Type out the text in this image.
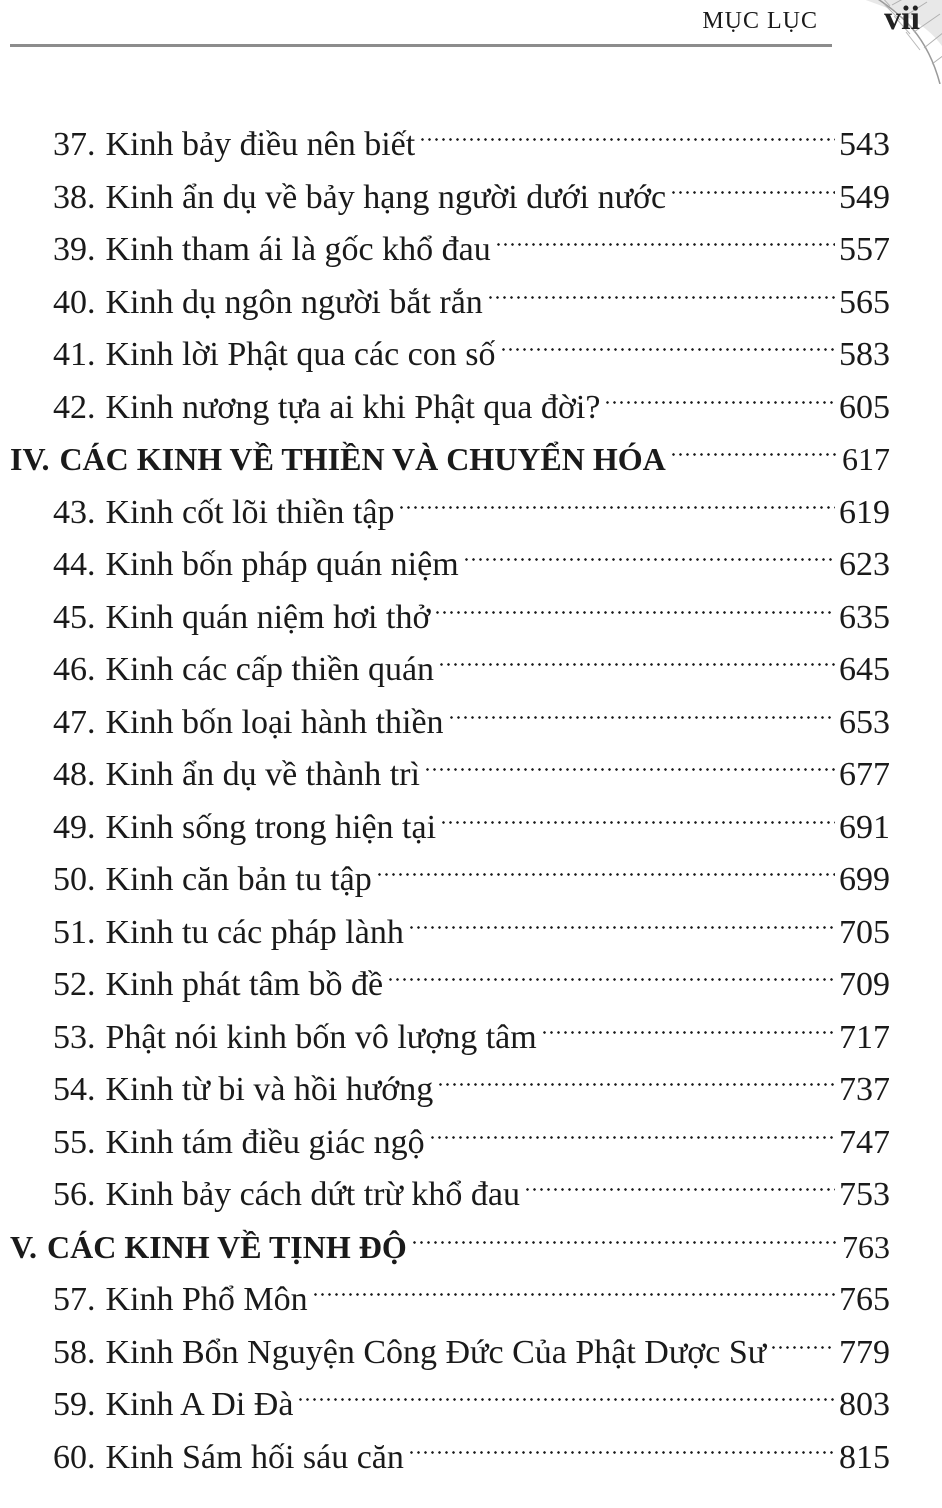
MỤC LỤC vii
37. Kinh bảy điều nên biết	543
38. Kinh ẩn dụ về bảy hạng người dưới nước	549
39. Kinh tham ái là gốc khổ đau	557
40. Kinh dụ ngôn người bắt rắn	565
41. Kinh lời Phật qua các con số	583
42. Kinh nương tựa ai khi Phật qua đời?	605
IV. CÁC KINH VỀ THIỀN VÀ CHUYỂN HÓA	617
43. Kinh cốt lõi thiền tập	619
44. Kinh bốn pháp quán niệm	623
45. Kinh quán niệm hơi thở	635
46. Kinh các cấp thiền quán	645
47. Kinh bốn loại hành thiền	653
48. Kinh ẩn dụ về thành trì	677
49. Kinh sống trong hiện tại	691
50. Kinh căn bản tu tập	699
51. Kinh tu các pháp lành	705
52. Kinh phát tâm bồ đề	709
53. Phật nói kinh bốn vô lượng tâm	717
54. Kinh từ bi và hồi hướng	737
55. Kinh tám điều giác ngộ	747
56. Kinh bảy cách dứt trừ khổ đau	753
V. CÁC KINH VỀ TỊNH ĐỘ	763
57. Kinh Phổ Môn	765
58. Kinh Bổn Nguyện Công Đức Của Phật Dược Sư 779
59. Kinh A Di Đà	803
60. Kinh Sám hối sáu căn	815
